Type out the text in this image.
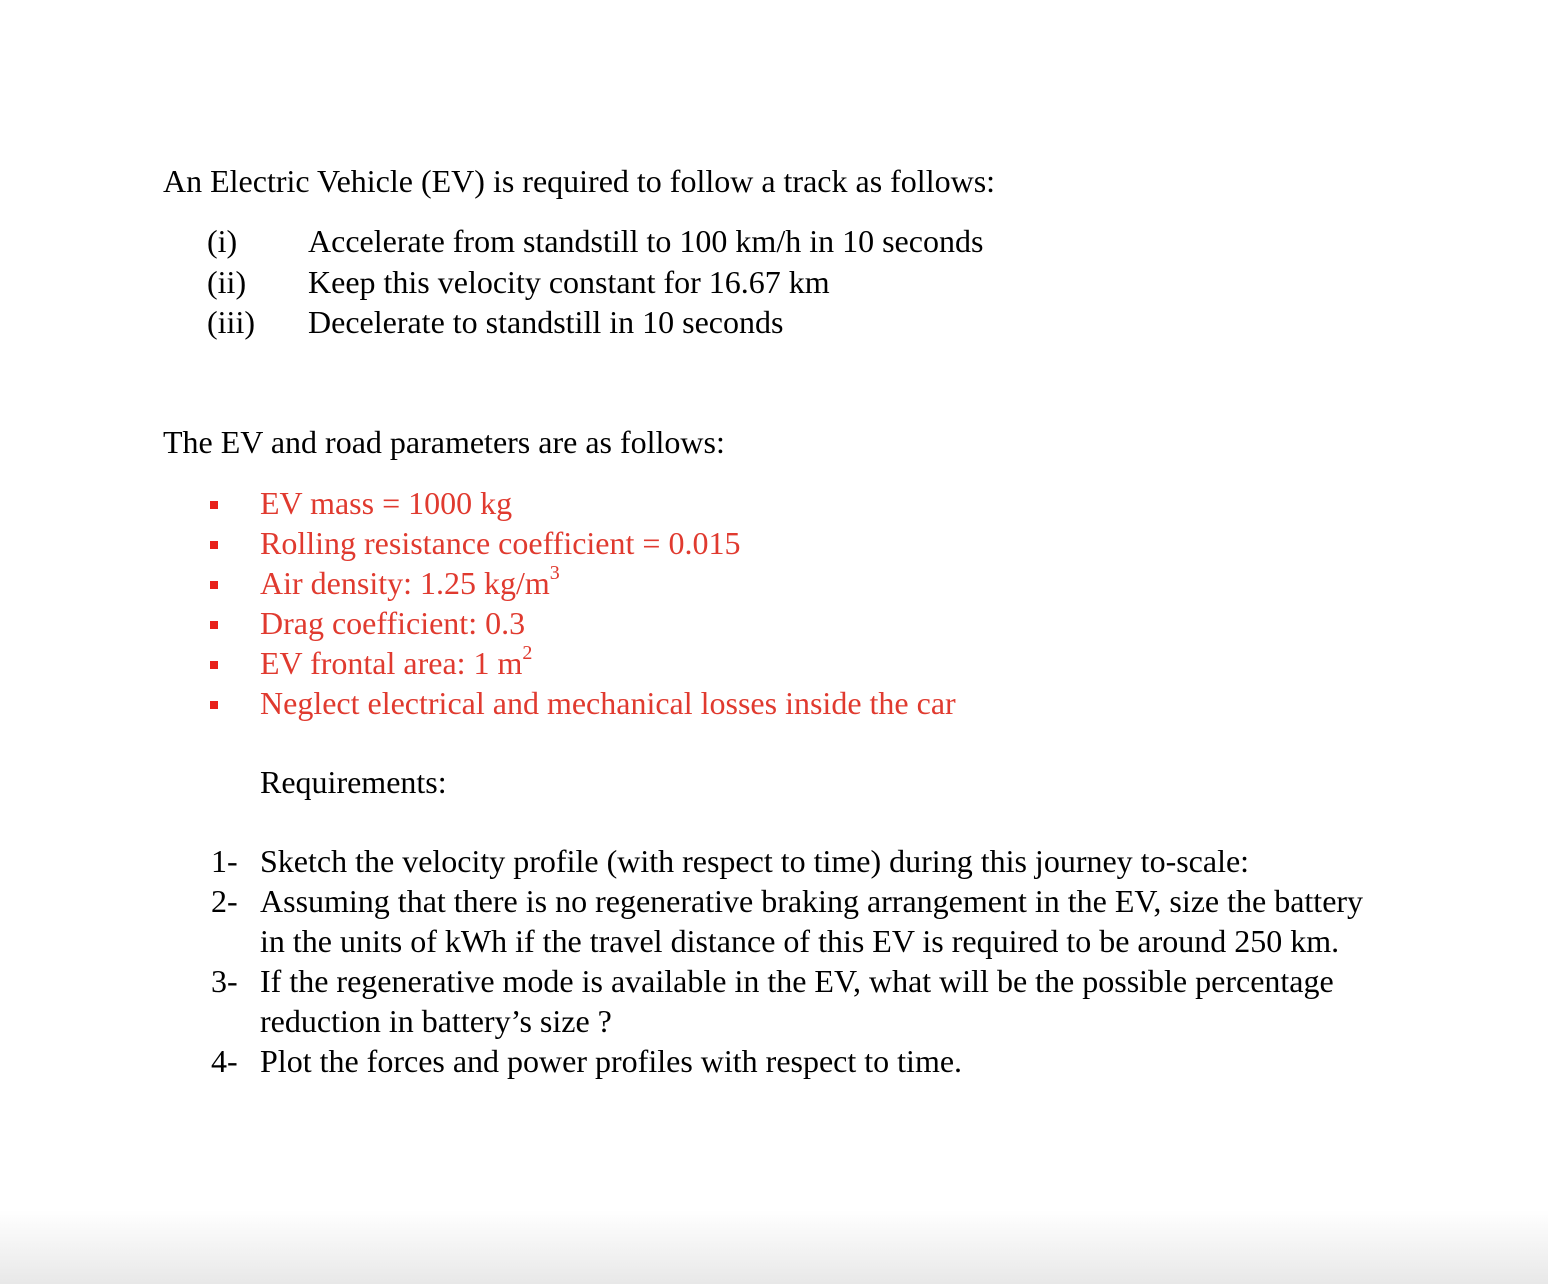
An Electric Vehicle (EV) is required to follow a track as follows:

(i) Accelerate from standstill to 100 km/h in 10 seconds
(ii) Keep this velocity constant for 16.67 km
(iii) Decelerate to standstill in 10 seconds

The EV and road parameters are as follows:

EV mass = 1000 kg
Rolling resistance coefficient = 0.015
Air density: 1.25 $kg/m^3$
Drag coefficient: 0.3
EV frontal area: 1 $m^2$
Neglect electrical and mechanical losses inside the car
Requirements:
1- Sketch the velocity profile (with respect to time) during this journey to-scale:
2- Assuming that there is no regenerative braking arrangement in the EV, size the battery in the units of kWh if the travel distance of this EV is required to be around 250 km.
3- If the regenerative mode is available in the EV, what will be the possible percentage reduction in battery’s size ?
4- Plot the forces and power profiles with respect to time.
